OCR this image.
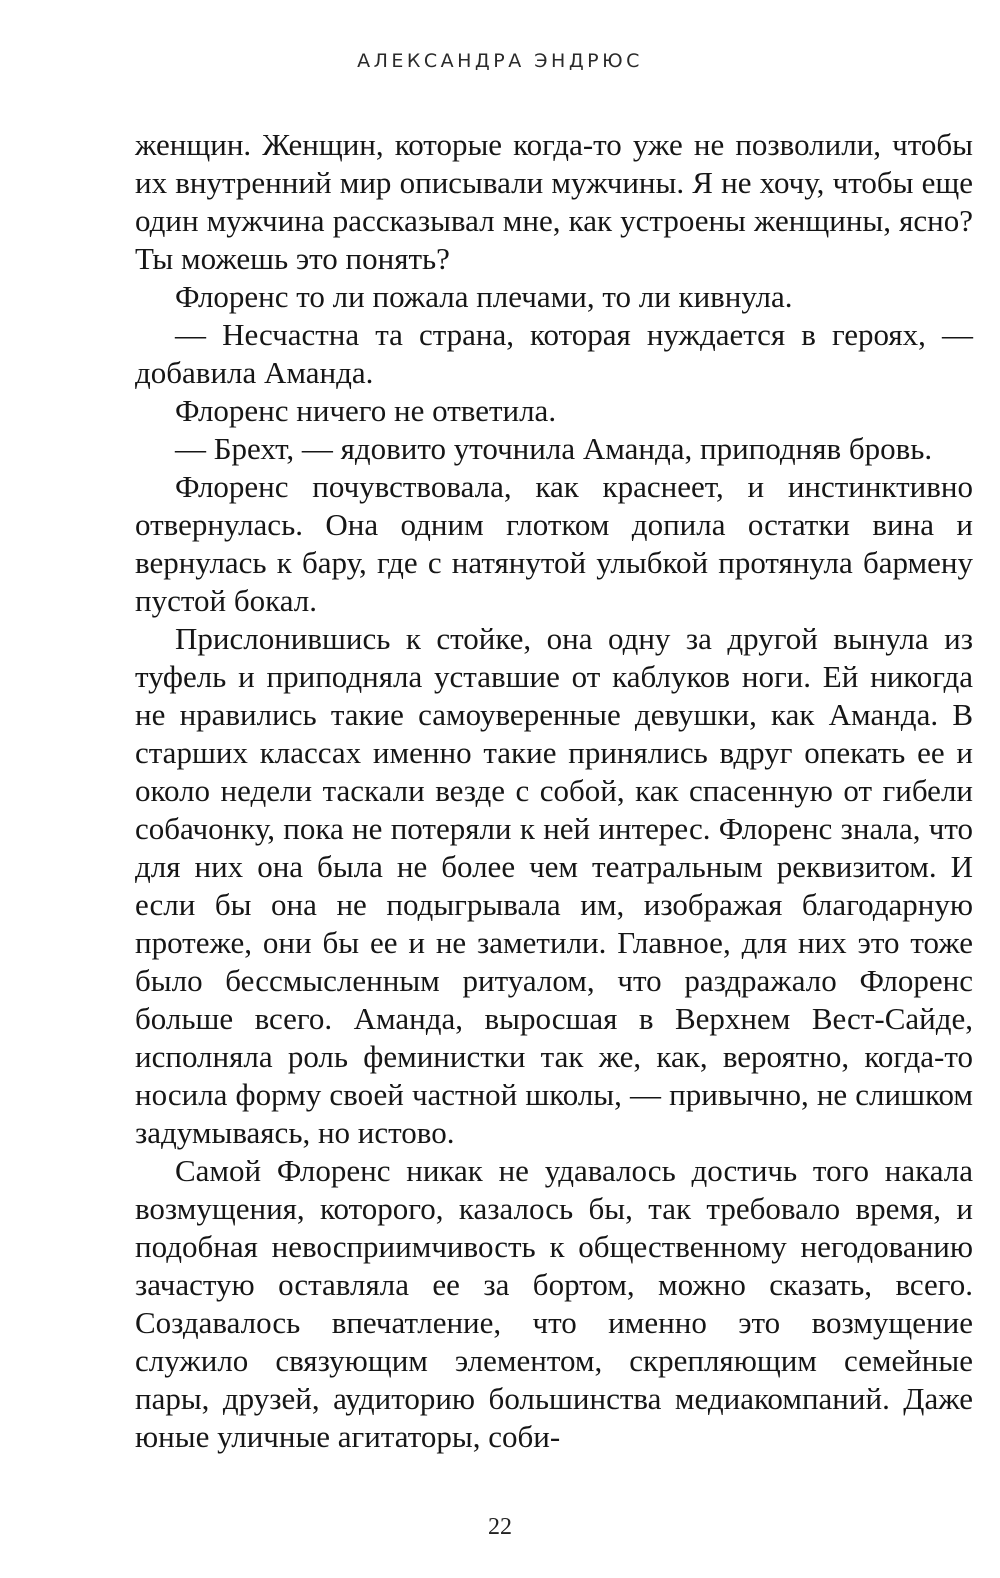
АЛЕКСАНДРА ЭНДРЮС

женщин. Женщин, которые когда-то уже не позволили, чтобы их внутренний мир описывали мужчины. Я не хочу, чтобы еще один мужчина рассказывал мне, как устроены женщины, ясно? Ты можешь это понять?

Флоренс то ли пожала плечами, то ли кивнула.

— Несчастна та страна, которая нуждается в героях, — добавила Аманда.

Флоренс ничего не ответила.

— Брехт, — ядовито уточнила Аманда, приподняв бровь.

Флоренс почувствовала, как краснеет, и инстинктивно отвернулась. Она одним глотком допила остатки вина и вернулась к бару, где с натянутой улыбкой протянула бармену пустой бокал.

Прислонившись к стойке, она одну за другой вынула из туфель и приподняла уставшие от каблуков ноги. Ей никогда не нравились такие самоуверенные девушки, как Аманда. В старших классах именно такие принялись вдруг опекать ее и около недели таскали везде с собой, как спасенную от гибели собачонку, пока не потеряли к ней интерес. Флоренс знала, что для них она была не более чем театральным реквизитом. И если бы она не подыгрывала им, изображая благодарную протеже, они бы ее и не заметили. Главное, для них это тоже было бессмысленным ритуалом, что раздражало Флоренс больше всего. Аманда, выросшая в Верхнем Вест-Сайде, исполняла роль феминистки так же, как, вероятно, когда-то носила форму своей частной школы, — привычно, не слишком задумываясь, но истово.

Самой Флоренс никак не удавалось достичь того накала возмущения, которого, казалось бы, так требовало время, и подобная невосприимчивость к общественному негодованию зачастую оставляла ее за бортом, можно сказать, всего. Создавалось впечатление, что именно это возмущение служило связующим элементом, скрепляющим семейные пары, друзей, аудиторию большинства медиакомпаний. Даже юные уличные агитаторы, соби-

22
